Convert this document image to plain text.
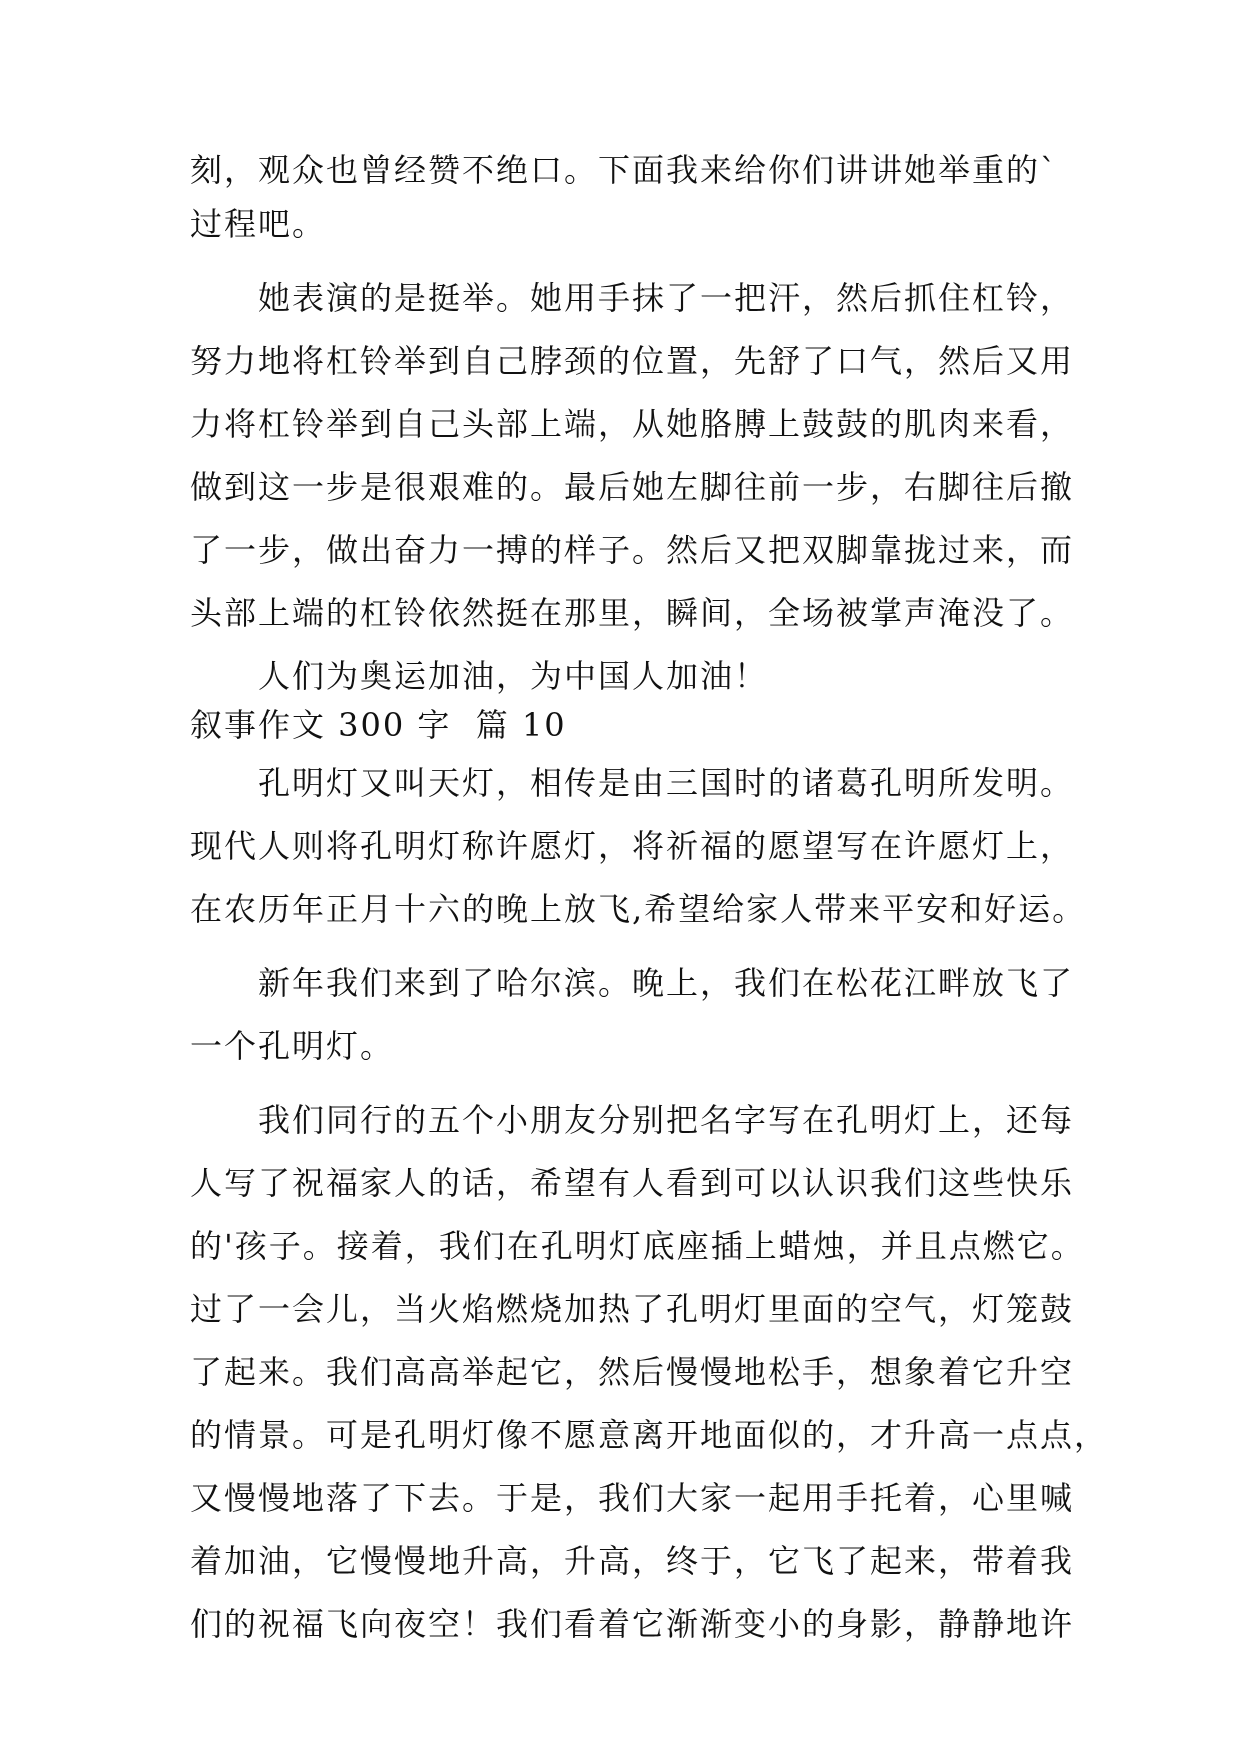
刻，观众也曾经赞不绝口。下面我来给你们讲讲她举重的`
过程吧。
　　她表演的是挺举。她用手抹了一把汗，然后抓住杠铃，
努力地将杠铃举到自己脖颈的位置，先舒了口气，然后又用
力将杠铃举到自己头部上端，从她胳膊上鼓鼓的肌肉来看，
做到这一步是很艰难的。最后她左脚往前一步，右脚往后撤
了一步，做出奋力一搏的样子。然后又把双脚靠拢过来，而
头部上端的杠铃依然挺在那里，瞬间，全场被掌声淹没了。
　　人们为奥运加油，为中国人加油！
叙事作文 300 字  篇 10
　　孔明灯又叫天灯，相传是由三国时的诸葛孔明所发明。
现代人则将孔明灯称许愿灯，将祈福的愿望写在许愿灯上，
在农历年正月十六的晚上放飞,希望给家人带来平安和好运。
　　新年我们来到了哈尔滨。晚上，我们在松花江畔放飞了
一个孔明灯。
　　我们同行的五个小朋友分别把名字写在孔明灯上，还每
人写了祝福家人的话，希望有人看到可以认识我们这些快乐
的'孩子。接着，我们在孔明灯底座插上蜡烛，并且点燃它。
过了一会儿，当火焰燃烧加热了孔明灯里面的空气，灯笼鼓
了起来。我们高高举起它，然后慢慢地松手，想象着它升空
的情景。可是孔明灯像不愿意离开地面似的，才升高一点点，
又慢慢地落了下去。于是，我们大家一起用手托着，心里喊
着加油，它慢慢地升高，升高，终于，它飞了起来，带着我
们的祝福飞向夜空！我们看着它渐渐变小的身影，静静地许
